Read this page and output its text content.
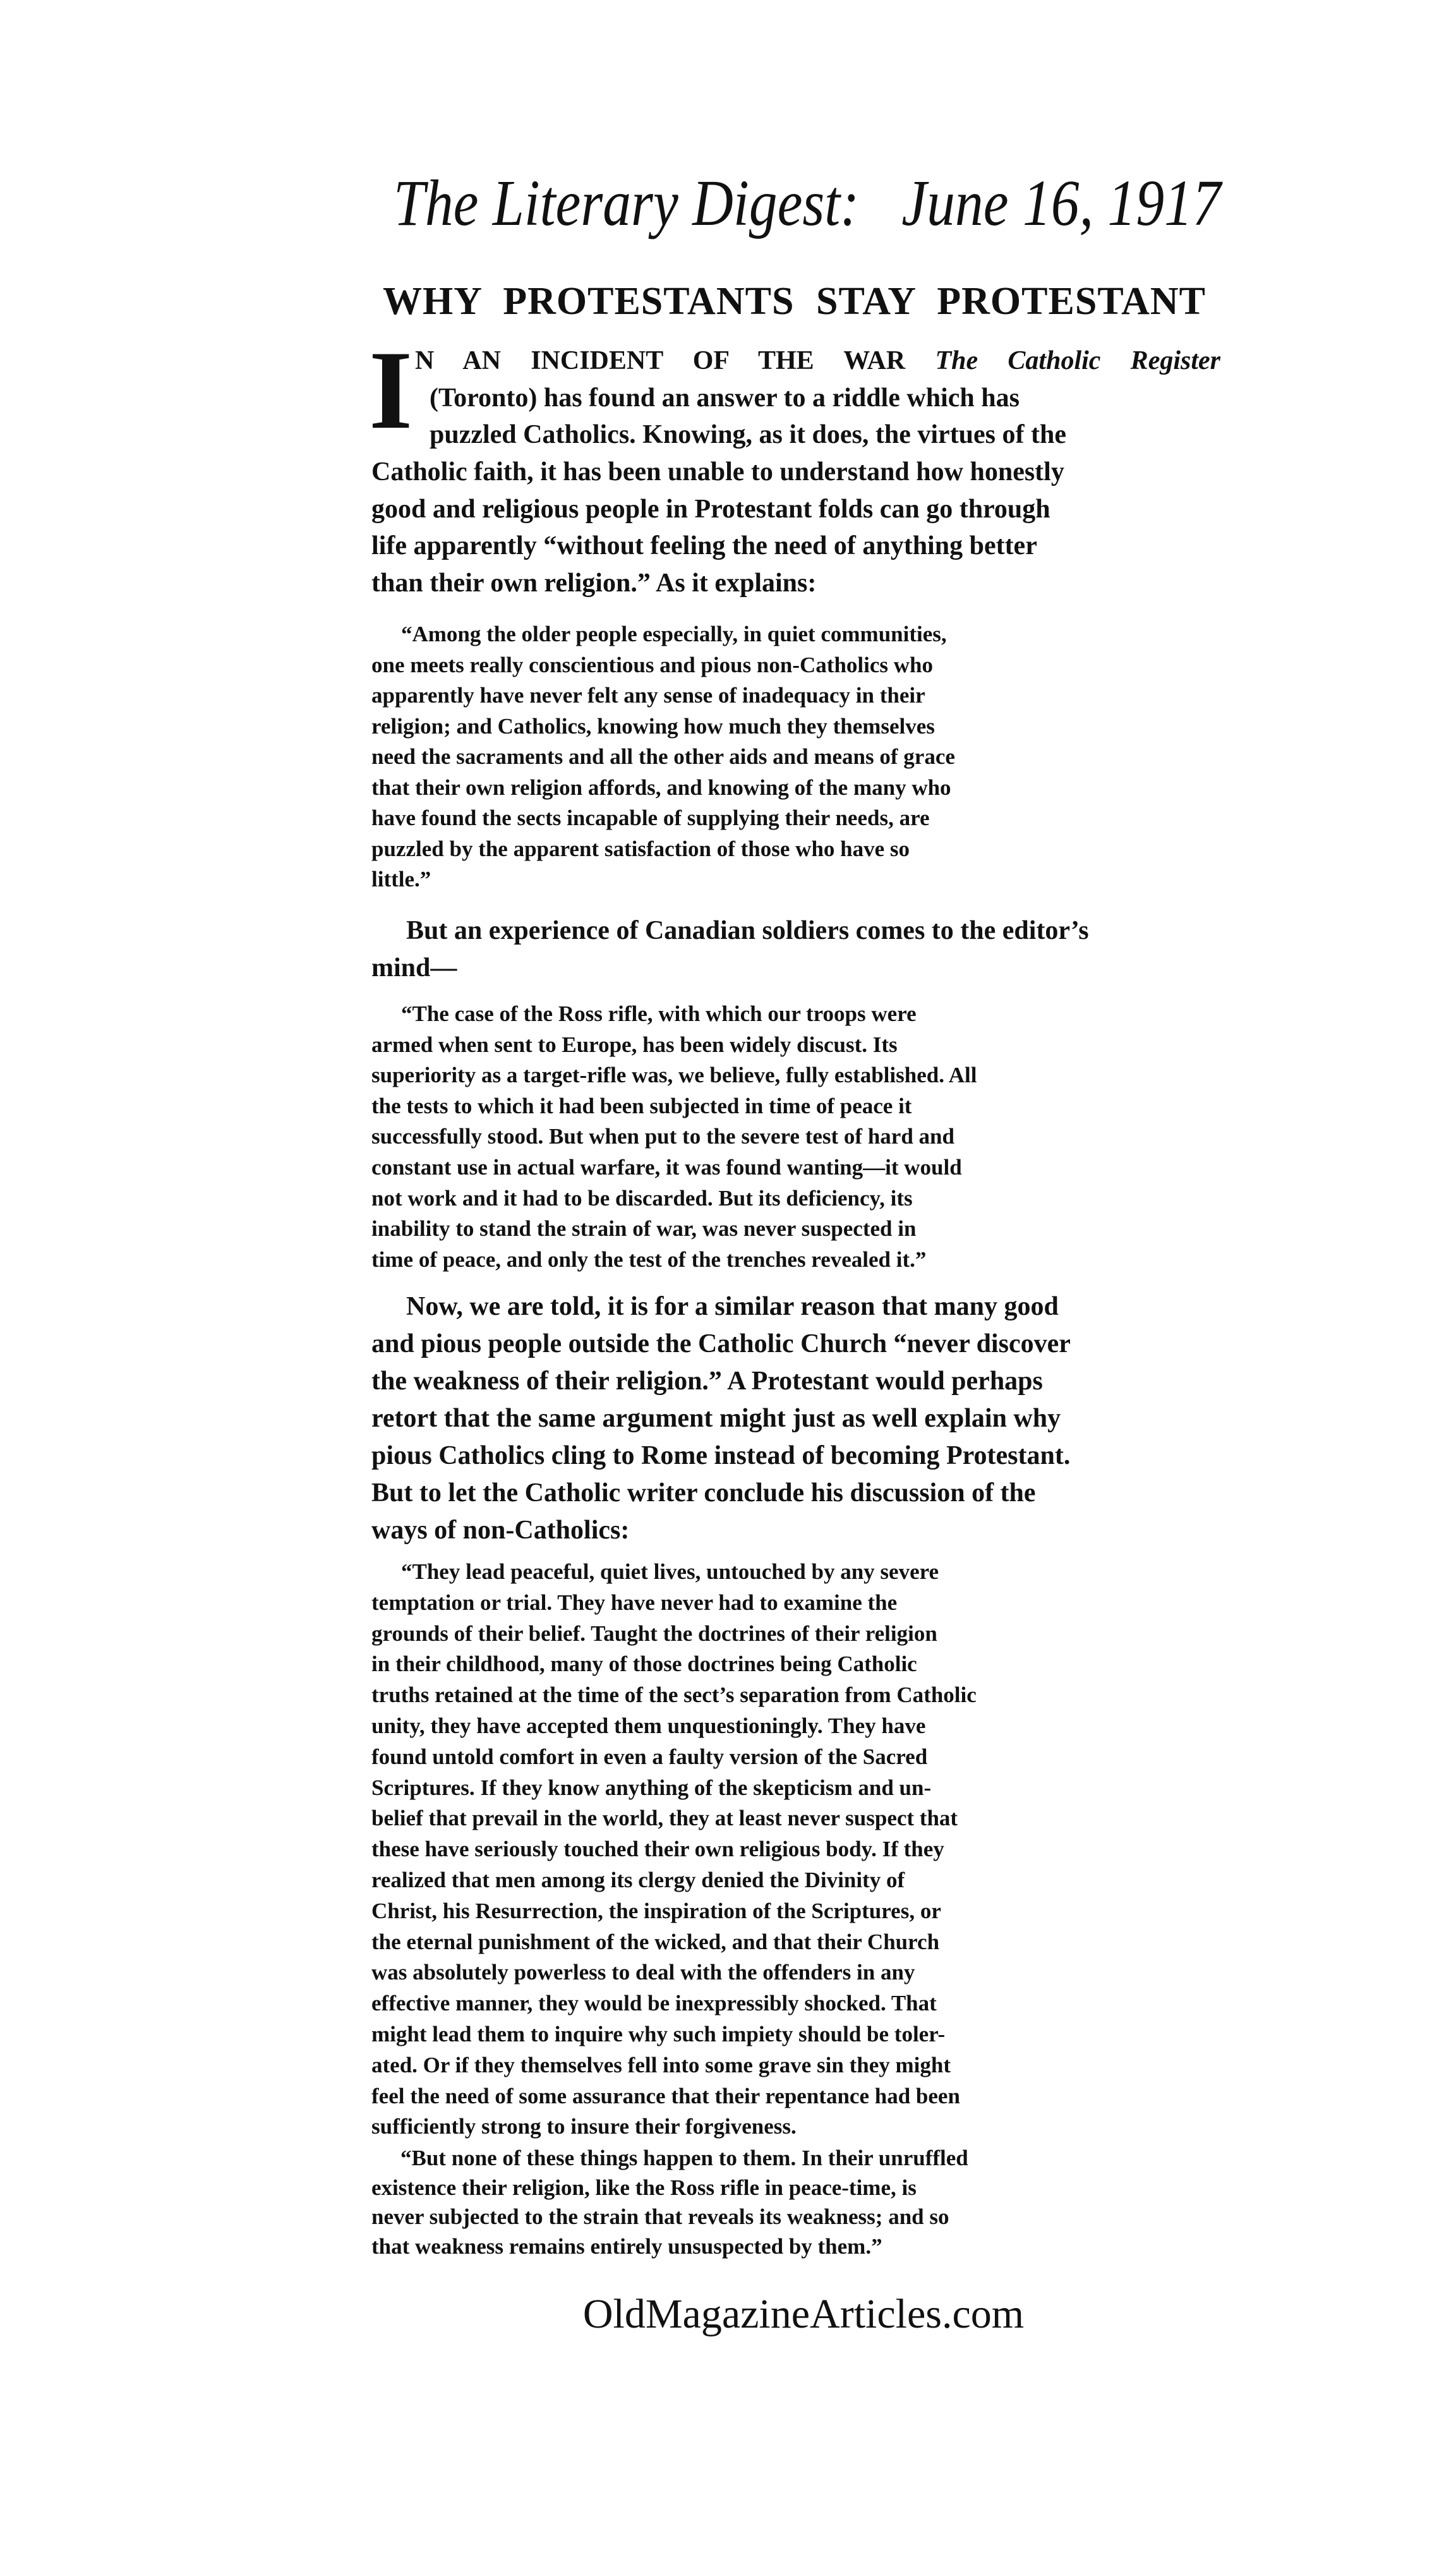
The Literary Digest: June 16, 1917
WHY PROTESTANTS STAY PROTESTANT
I N AN INCIDENT OF THE WAR The Catholic Register
(Toronto) has found an answer to a riddle which has
puzzled Catholics. Knowing, as it does, the virtues of the
Catholic faith, it has been unable to understand how honestly
good and religious people in Protestant folds can go through
life apparently “without feeling the need of anything better
than their own religion.” As it explains:
“Among the older people especially, in quiet communities,
one meets really conscientious and pious non-Catholics who
apparently have never felt any sense of inadequacy in their
religion; and Catholics, knowing how much they themselves
need the sacraments and all the other aids and means of grace
that their own religion affords, and knowing of the many who
have found the sects incapable of supplying their needs, are
puzzled by the apparent satisfaction of those who have so
little.”
But an experience of Canadian soldiers comes to the editor’s
mind—
“The case of the Ross rifle, with which our troops were
armed when sent to Europe, has been widely discust. Its
superiority as a target-rifle was, we believe, fully established. All
the tests to which it had been subjected in time of peace it
successfully stood. But when put to the severe test of hard and
constant use in actual warfare, it was found wanting—it would
not work and it had to be discarded. But its deficiency, its
inability to stand the strain of war, was never suspected in
time of peace, and only the test of the trenches revealed it.”
Now, we are told, it is for a similar reason that many good
and pious people outside the Catholic Church “never discover
the weakness of their religion.” A Protestant would perhaps
retort that the same argument might just as well explain why
pious Catholics cling to Rome instead of becoming Protestant.
But to let the Catholic writer conclude his discussion of the
ways of non-Catholics:
“They lead peaceful, quiet lives, untouched by any severe
temptation or trial. They have never had to examine the
grounds of their belief. Taught the doctrines of their religion
in their childhood, many of those doctrines being Catholic
truths retained at the time of the sect’s separation from Catholic
unity, they have accepted them unquestioningly. They have
found untold comfort in even a faulty version of the Sacred
Scriptures. If they know anything of the skepticism and un-
belief that prevail in the world, they at least never suspect that
these have seriously touched their own religious body. If they
realized that men among its clergy denied the Divinity of
Christ, his Resurrection, the inspiration of the Scriptures, or
the eternal punishment of the wicked, and that their Church
was absolutely powerless to deal with the offenders in any
effective manner, they would be inexpressibly shocked. That
might lead them to inquire why such impiety should be toler-
ated. Or if they themselves fell into some grave sin they might
feel the need of some assurance that their repentance had been
sufficiently strong to insure their forgiveness.
“But none of these things happen to them. In their unruffled
existence their religion, like the Ross rifle in peace-time, is
never subjected to the strain that reveals its weakness; and so
that weakness remains entirely unsuspected by them.”
OldMagazineArticles.com
